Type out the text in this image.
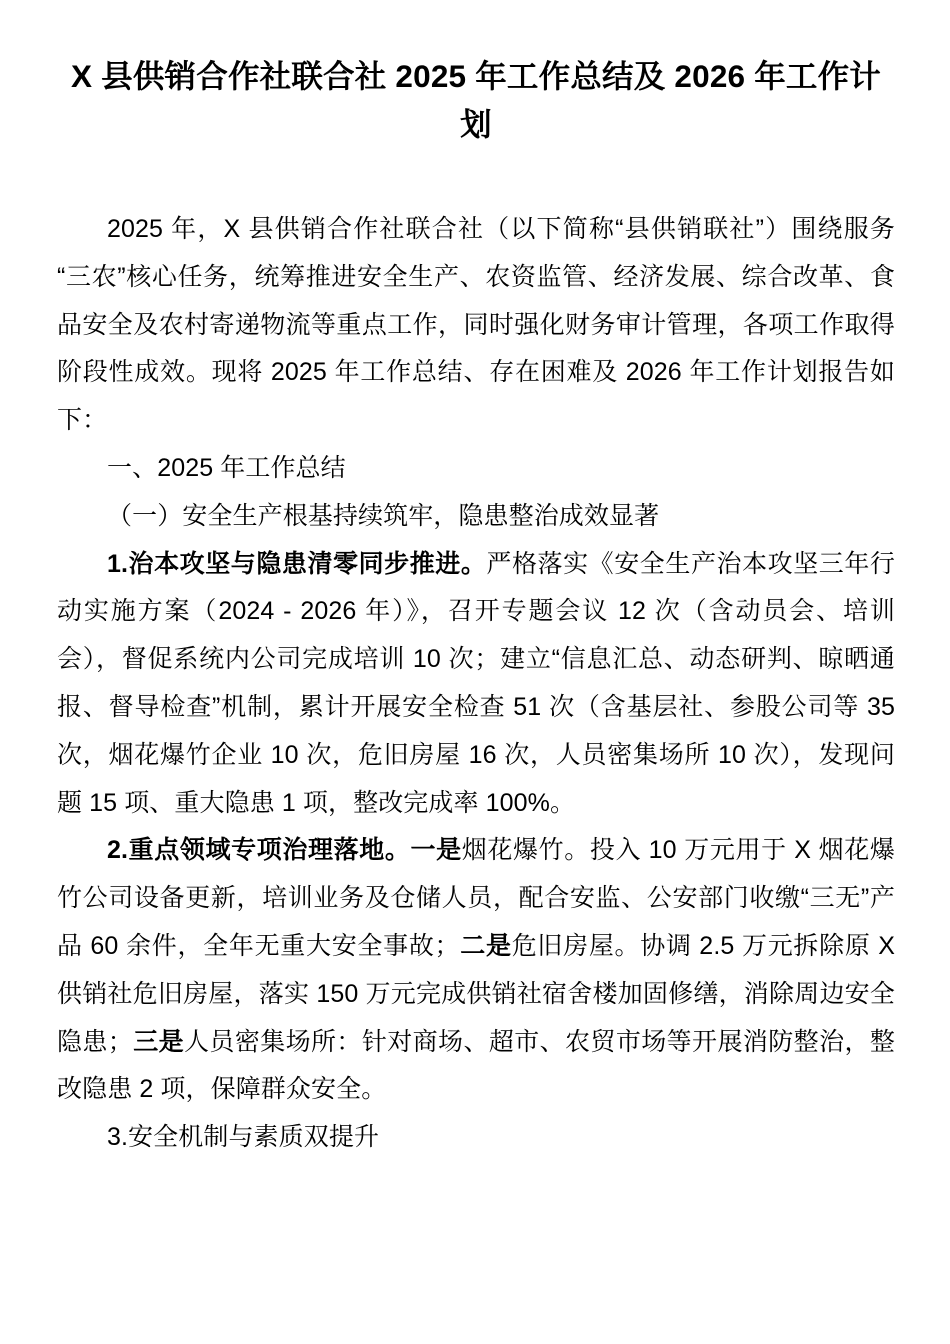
X 县供销合作社联合社 2025 年工作总结及 2026 年工作计划

2025 年，X 县供销合作社联合社（以下简称“县供销联社”）围绕服务“三农”核心任务，统筹推进安全生产、农资监管、经济发展、综合改革、食品安全及农村寄递物流等重点工作，同时强化财务审计管理，各项工作取得阶段性成效。现将 2025 年工作总结、存在困难及 2026 年工作计划报告如下：

一、2025 年工作总结

（一）安全生产根基持续筑牢，隐患整治成效显著

1.治本攻坚与隐患清零同步推进。严格落实《安全生产治本攻坚三年行动实施方案（2024 - 2026 年）》，召开专题会议 12 次（含动员会、培训会），督促系统内公司完成培训 10 次；建立“信息汇总、动态研判、晾晒通报、督导检查”机制，累计开展安全检查 51 次（含基层社、参股公司等 35 次，烟花爆竹企业 10 次，危旧房屋 16 次，人员密集场所 10 次），发现问题 15 项、重大隐患 1 项，整改完成率 100%。

2.重点领域专项治理落地。一是烟花爆竹。投入 10 万元用于 X 烟花爆竹公司设备更新，培训业务及仓储人员，配合安监、公安部门收缴“三无”产品 60 余件，全年无重大安全事故；二是危旧房屋。协调 2.5 万元拆除原 X 供销社危旧房屋，落实 150 万元完成供销社宿舍楼加固修缮，消除周边安全隐患；三是人员密集场所：针对商场、超市、农贸市场等开展消防整治，整改隐患 2 项，保障群众安全。

3.安全机制与素质双提升
